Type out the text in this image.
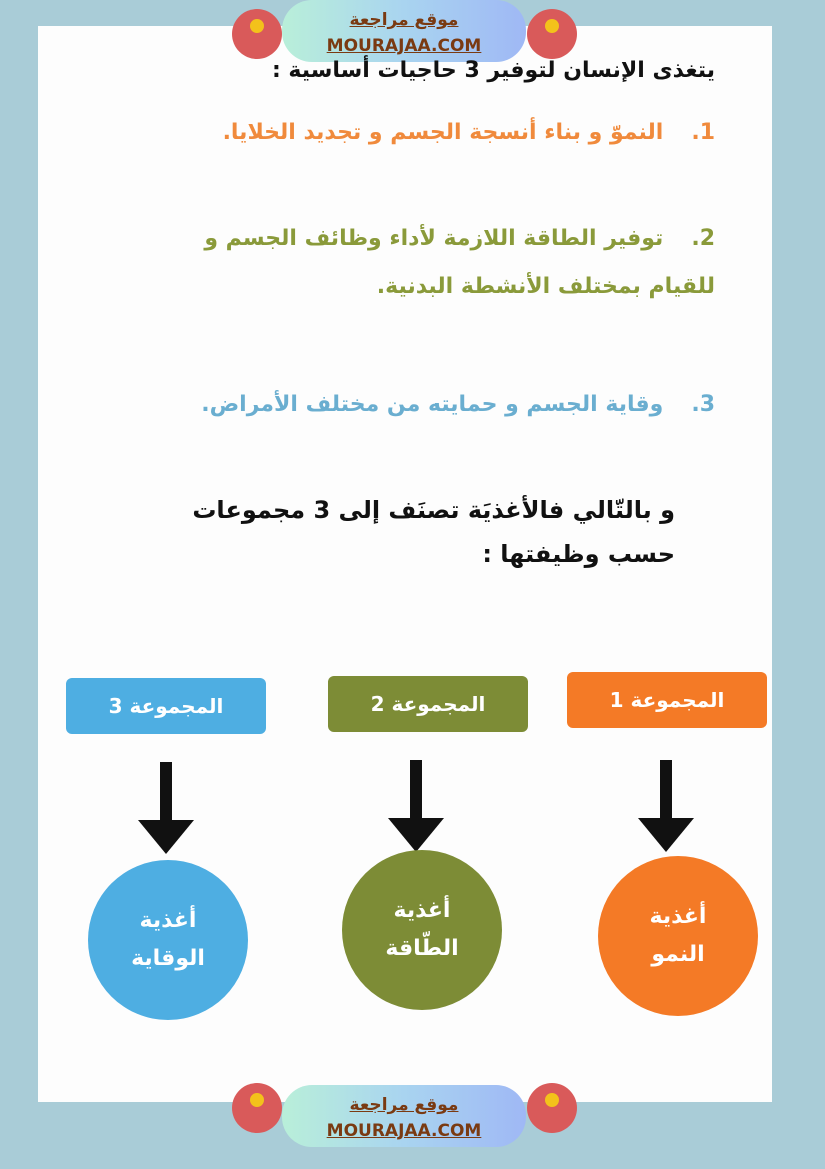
موقع مراجعة
MOURAJAA.COM
يتغذى الإنسان لتوفير 3 حاجيات أساسية :
1.النموّ و بناء أنسجة الجسم و تجديد الخلايا.
2.توفير الطاقة اللازمة لأداء وظائف الجسم و للقيام بمختلف الأنشطة البدنية.
3.وقاية الجسم و حمايته من مختلف الأمراض.
و بالتّالي فالأغذيَة تصنَف إلى 3 مجموعات حسب وظيفتها :
المجموعة 1
المجموعة 2
المجموعة 3
أغذية
النمو
أغذية
الطّاقة
أغذية
الوقاية
موقع مراجعة
MOURAJAA.COM
